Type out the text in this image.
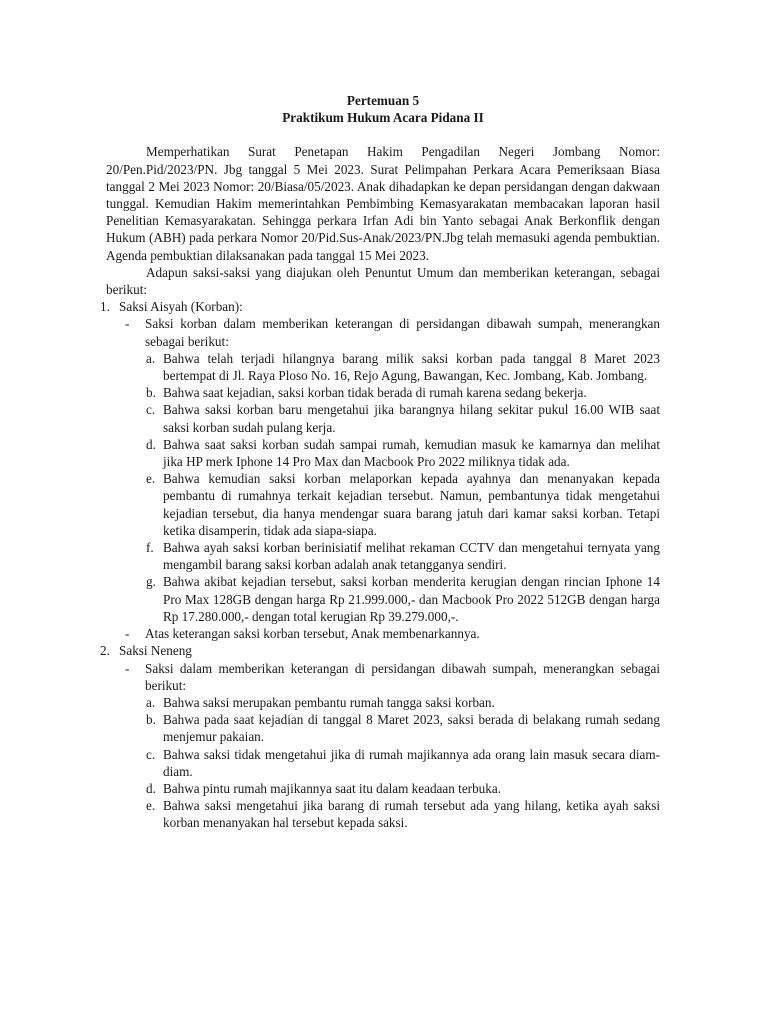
Pertemuan 5

Praktikum Hukum Acara Pidana II

Memperhatikan Surat Penetapan Hakim Pengadilan Negeri Jombang Nomor: 20/Pen.Pid/2023/PN. Jbg tanggal 5 Mei 2023. Surat Pelimpahan Perkara Acara Pemeriksaan Biasa tanggal 2 Mei 2023 Nomor: 20/Biasa/05/2023. Anak dihadapkan ke depan persidangan dengan dakwaan tunggal. Kemudian Hakim memerintahkan Pembimbing Kemasyarakatan membacakan laporan hasil Penelitian Kemasyarakatan. Sehingga perkara Irfan Adi bin Yanto sebagai Anak Berkonflik dengan Hukum (ABH) pada perkara Nomor 20/Pid.Sus-Anak/2023/PN.Jbg telah memasuki agenda pembuktian. Agenda pembuktian dilaksanakan pada tanggal 15 Mei 2023.

Adapun saksi-saksi yang diajukan oleh Penuntut Umum dan memberikan keterangan, sebagai berikut:

1. Saksi Aisyah (Korban):
- Saksi korban dalam memberikan keterangan di persidangan dibawah sumpah, menerangkan sebagai berikut:
a. Bahwa telah terjadi hilangnya barang milik saksi korban pada tanggal 8 Maret 2023 bertempat di Jl. Raya Ploso No. 16, Rejo Agung, Bawangan, Kec. Jombang, Kab. Jombang.
b. Bahwa saat kejadian, saksi korban tidak berada di rumah karena sedang bekerja.
c. Bahwa saksi korban baru mengetahui jika barangnya hilang sekitar pukul 16.00 WIB saat saksi korban sudah pulang kerja.
d. Bahwa saat saksi korban sudah sampai rumah, kemudian masuk ke kamarnya dan melihat jika HP merk Iphone 14 Pro Max dan Macbook Pro 2022 miliknya tidak ada.
e. Bahwa kemudian saksi korban melaporkan kepada ayahnya dan menanyakan kepada pembantu di rumahnya terkait kejadian tersebut. Namun, pembantunya tidak mengetahui kejadian tersebut, dia hanya mendengar suara barang jatuh dari kamar saksi korban. Tetapi ketika disamperin, tidak ada siapa-siapa.
f. Bahwa ayah saksi korban berinisiatif melihat rekaman CCTV dan mengetahui ternyata yang mengambil barang saksi korban adalah anak tetangganya sendiri.
g. Bahwa akibat kejadian tersebut, saksi korban menderita kerugian dengan rincian Iphone 14 Pro Max 128GB dengan harga Rp 21.999.000,- dan Macbook Pro 2022 512GB dengan harga Rp 17.280.000,- dengan total kerugian Rp 39.279.000,-.
- Atas keterangan saksi korban tersebut, Anak membenarkannya.
2. Saksi Neneng
- Saksi dalam memberikan keterangan di persidangan dibawah sumpah, menerangkan sebagai berikut:
a. Bahwa saksi merupakan pembantu rumah tangga saksi korban.
b. Bahwa pada saat kejadian di tanggal 8 Maret 2023, saksi berada di belakang rumah sedang menjemur pakaian.
c. Bahwa saksi tidak mengetahui jika di rumah majikannya ada orang lain masuk secara diam-diam.
d. Bahwa pintu rumah majikannya saat itu dalam keadaan terbuka.
e. Bahwa saksi mengetahui jika barang di rumah tersebut ada yang hilang, ketika ayah saksi korban menanyakan hal tersebut kepada saksi.
